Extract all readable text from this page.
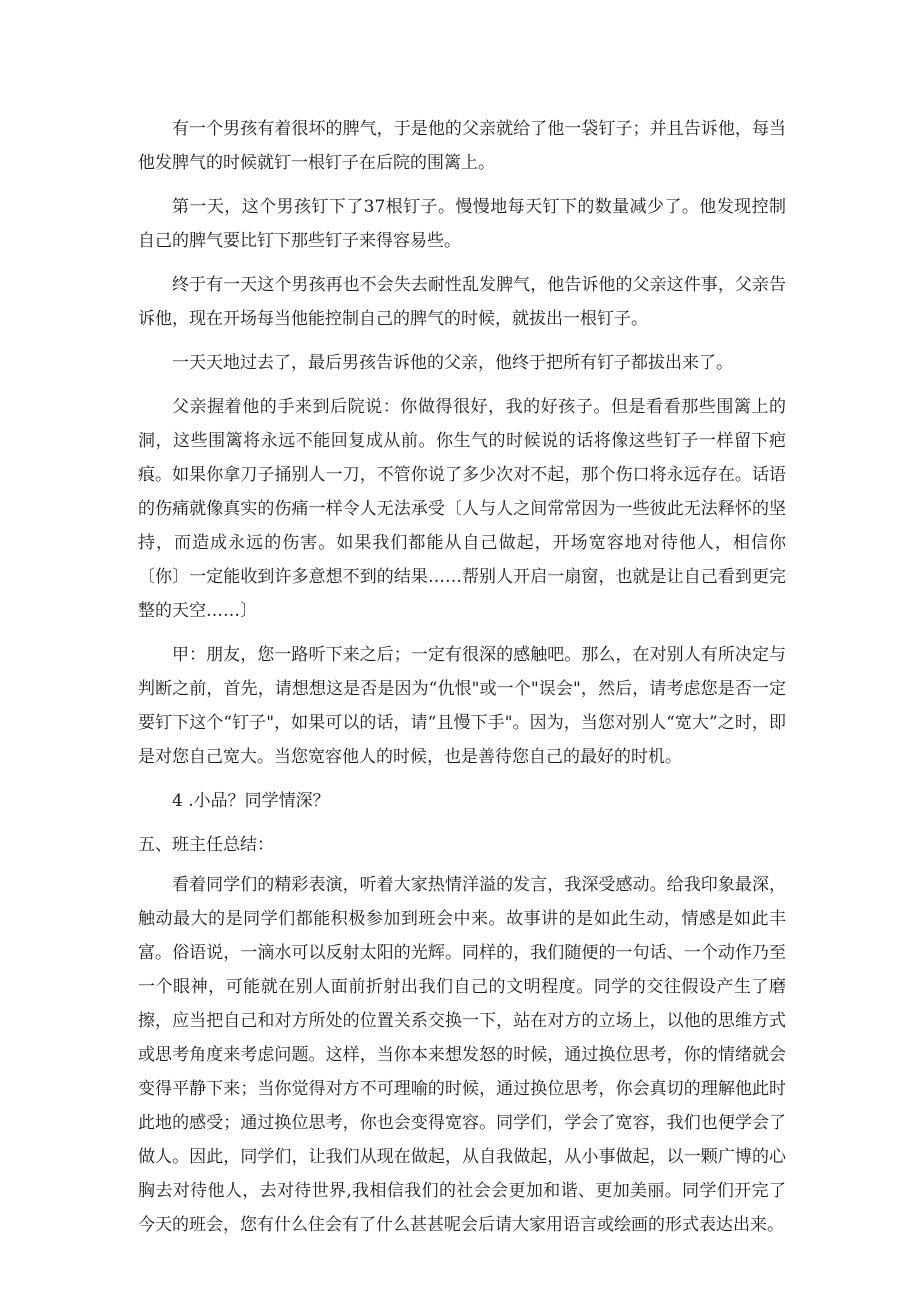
有一个男孩有着很坏的脾气，于是他的父亲就给了他一袋钉子；并且告诉他，每当他发脾气的时候就钉一根钉子在后院的围篱上。

第一天，这个男孩钉下了37根钉子。慢慢地每天钉下的数量减少了。他发现控制自己的脾气要比钉下那些钉子来得容易些。

终于有一天这个男孩再也不会失去耐性乱发脾气，他告诉他的父亲这件事，父亲告诉他，现在开场每当他能控制自己的脾气的时候，就拔出一根钉子。

一天天地过去了，最后男孩告诉他的父亲，他终于把所有钉子都拔出来了。

父亲握着他的手来到后院说：你做得很好，我的好孩子。但是看看那些围篱上的洞，这些围篱将永远不能回复成从前。你生气的时候说的话将像这些钉子一样留下疤痕。如果你拿刀子捅别人一刀，不管你说了多少次对不起，那个伤口将永远存在。话语的伤痛就像真实的伤痛一样令人无法承受〔人与人之间常常因为一些彼此无法释怀的坚持，而造成永远的伤害。如果我们都能从自己做起，开场宽容地对待他人，相信你〔你〕一定能收到许多意想不到的结果……帮别人开启一扇窗，也就是让自己看到更完整的天空……〕

甲：朋友，您一路听下来之后；一定有很深的感触吧。那么，在对别人有所决定与判断之前，首先，请想想这是否是因为“仇恨"或一个"误会"，然后，请考虑您是否一定要钉下这个“钉子"，如果可以的话，请“且慢下手"。因为，当您对别人“宽大”之时，即是对您自己宽大。当您宽容他人的时候，也是善待您自己的最好的时机。

4 .小品？同学情深？

五、班主任总结：

看着同学们的精彩表演，听着大家热情洋溢的发言，我深受感动。给我印象最深，触动最大的是同学们都能积极参加到班会中来。故事讲的是如此生动，情感是如此丰富。俗语说，一滴水可以反射太阳的光辉。同样的，我们随便的一句话、一个动作乃至一个眼神，可能就在别人面前折射出我们自己的文明程度。同学的交往假设产生了磨擦，应当把自己和对方所处的位置关系交换一下，站在对方的立场上，以他的思维方式或思考角度来考虑问题。这样，当你本来想发怒的时候，通过换位思考，你的情绪就会变得平静下来；当你觉得对方不可理喻的时候，通过换位思考，你会真切的理解他此时此地的感受；通过换位思考，你也会变得宽容。同学们，学会了宽容，我们也便学会了做人。因此，同学们，让我们从现在做起，从自我做起，从小事做起，以一颗广博的心胸去对待他人，去对待世界,我相信我们的社会会更加和谐、更加美丽。同学们开完了今天的班会，您有什么住会有了什么甚甚呢会后请大家用语言或绘画的形式表达出来。
